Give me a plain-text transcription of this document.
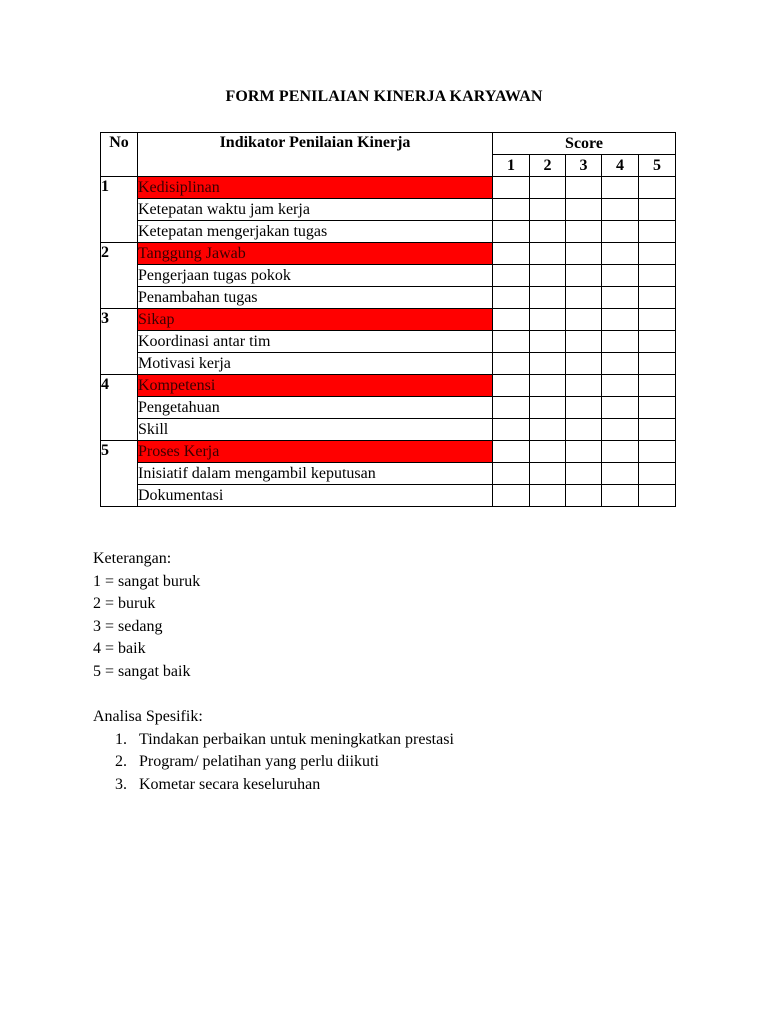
FORM PENILAIAN KINERJA KARYAWAN
No	Indikator Penilaian Kinerja	Score				
		1	2	3	4	5
1	Kedisiplinan					
	Ketepatan waktu jam kerja					
	Ketepatan mengerjakan tugas					
2	Tanggung Jawab					
	Pengerjaan tugas pokok					
	Penambahan tugas					
3	Sikap					
	Koordinasi antar tim					
	Motivasi kerja					
4	Kompetensi					
	Pengetahuan					
	Skill					
5	Proses Kerja					
	Inisiatif dalam mengambil keputusan					
	Dokumentasi					
Keterangan:
1 = sangat buruk
2 = buruk
3 = sedang
4 = baik
5 = sangat baik
Analisa Spesifik:
1. Tindakan perbaikan untuk meningkatkan prestasi
2. Program/ pelatihan yang perlu diikuti
3. Kometar secara keseluruhan
